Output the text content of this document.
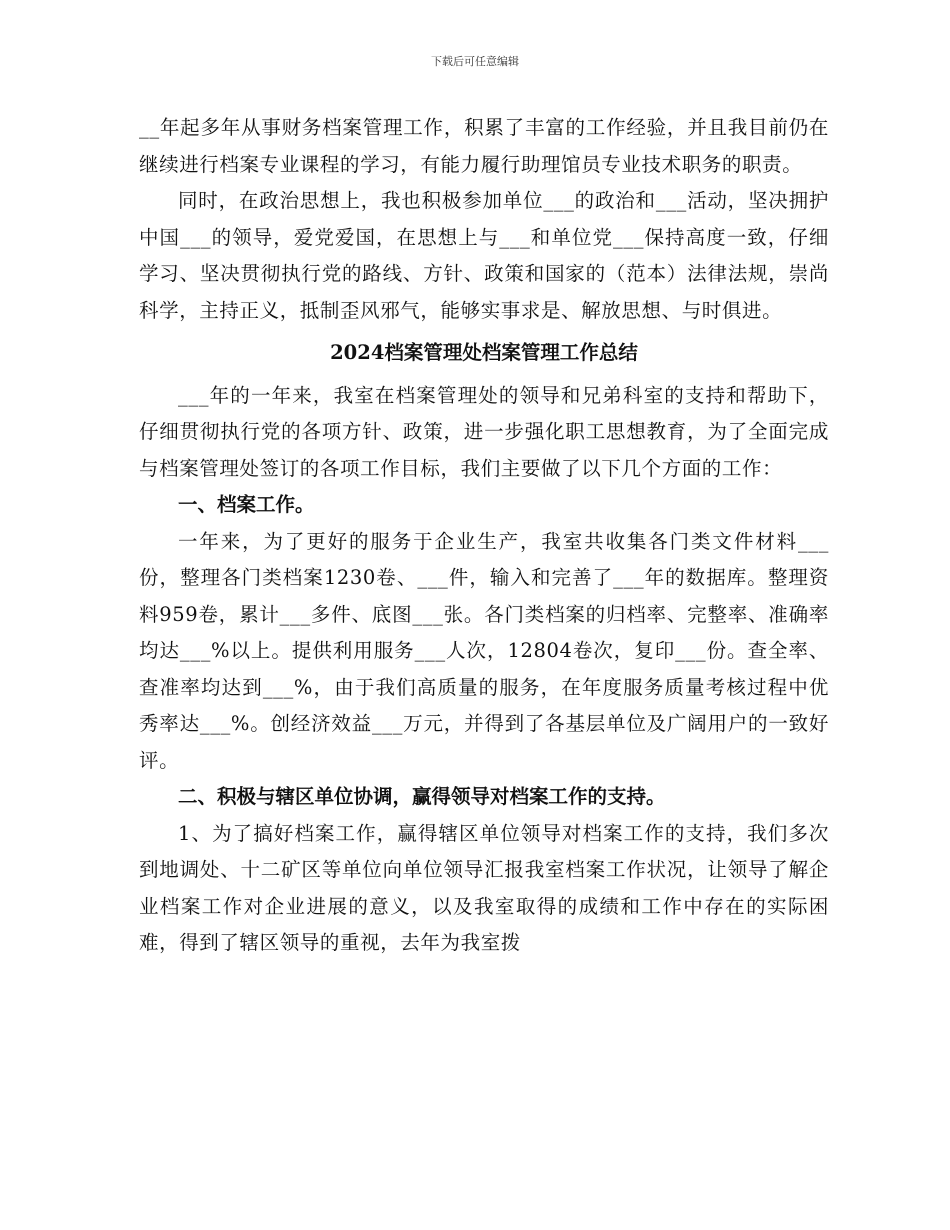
下载后可任意编辑

__年起多年从事财务档案管理工作，积累了丰富的工作经验，并且我目前仍在继续进行档案专业课程的学习，有能力履行助理馆员专业技术职务的职责。

同时，在政治思想上，我也积极参加单位___的政治和___活动，坚决拥护中国___的领导，爱党爱国，在思想上与___和单位党___保持高度一致，仔细学习、坚决贯彻执行党的路线、方针、政策和国家的（范本）法律法规，崇尚科学，主持正义，抵制歪风邪气，能够实事求是、解放思想、与时俱进。

2024档案管理处档案管理工作总结

___年的一年来，我室在档案管理处的领导和兄弟科室的支持和帮助下，仔细贯彻执行党的各项方针、政策，进一步强化职工思想教育，为了全面完成与档案管理处签订的各项工作目标，我们主要做了以下几个方面的工作：

一、档案工作。

一年来，为了更好的服务于企业生产，我室共收集各门类文件材料___份，整理各门类档案1230卷、___件，输入和完善了___年的数据库。整理资料959卷，累计___多件、底图___张。各门类档案的归档率、完整率、准确率均达___%以上。提供利用服务___人次，12804卷次，复印___份。查全率、查准率均达到___%，由于我们高质量的服务，在年度服务质量考核过程中优秀率达___%。创经济效益___万元，并得到了各基层单位及广阔用户的一致好评。

二、积极与辖区单位协调，赢得领导对档案工作的支持。

1、为了搞好档案工作，赢得辖区单位领导对档案工作的支持，我们多次到地调处、十二矿区等单位向单位领导汇报我室档案工作状况，让领导了解企业档案工作对企业进展的意义，以及我室取得的成绩和工作中存在的实际困难，得到了辖区领导的重视，去年为我室拨
